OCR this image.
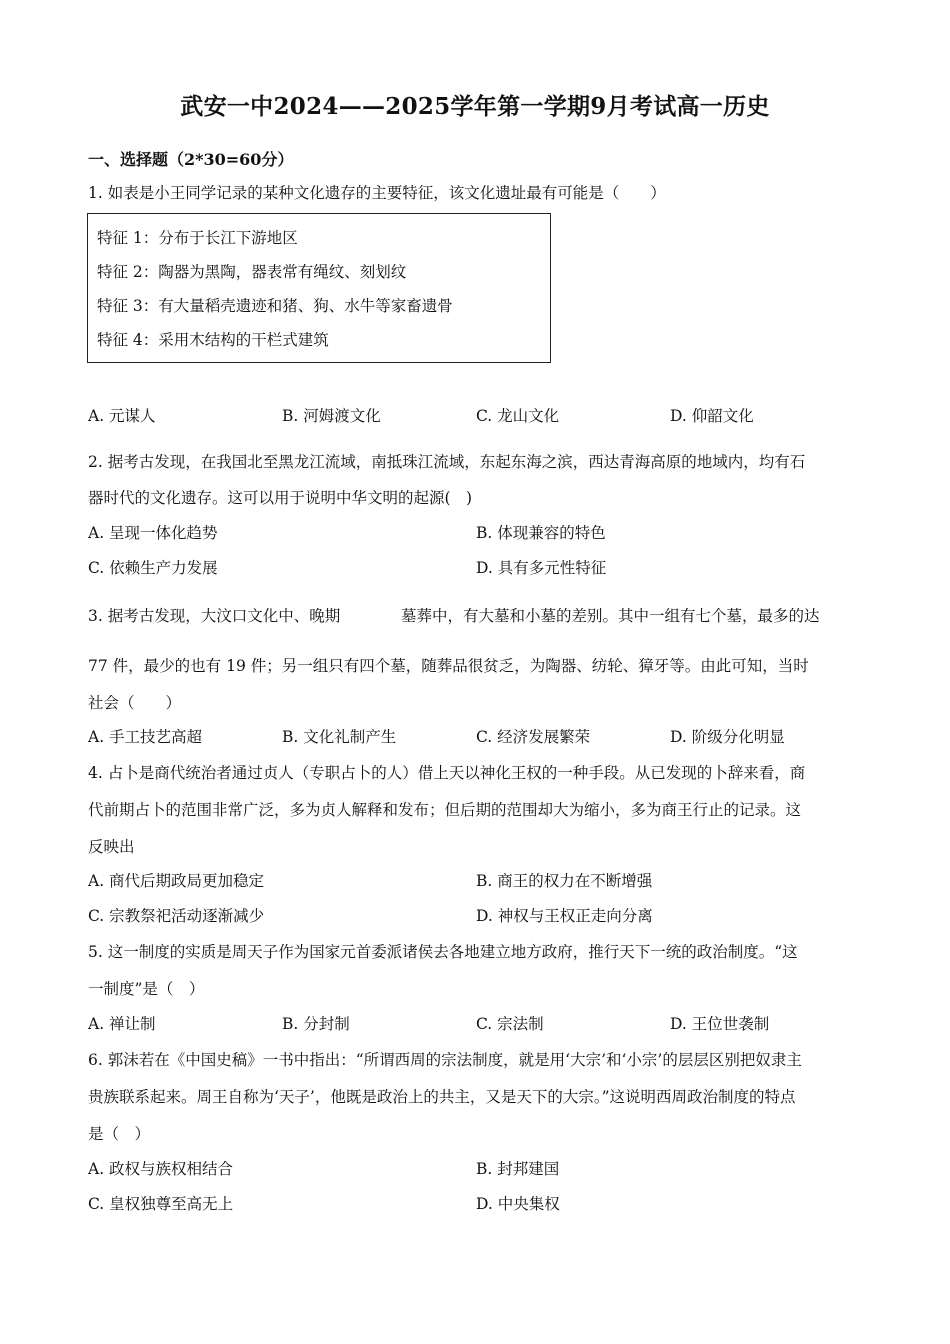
武安一中2024——2025学年第一学期9月考试高一历史
一、选择题（2*30=60分）
1. 如表是小王同学记录的某种文化遗存的主要特征，该文化遗址最有可能是（　　）
特征 1：分布于长江下游地区
特征 2：陶器为黑陶，器表常有绳纹、刻划纹
特征 3：有大量稻壳遗迹和猪、狗、水牛等家畜遗骨
特征 4：采用木结构的干栏式建筑
A. 元谋人	B. 河姆渡文化	C. 龙山文化	D. 仰韶文化
2. 据考古发现，在我国北至黑龙江流域，南抵珠江流域，东起东海之滨，西达青海高原的地域内，均有石
器时代的文化遗存。这可以用于说明中华文明的起源(　)
A. 呈现一体化趋势	B. 体现兼容的特色
C. 依赖生产力发展	D. 具有多元性特征
3. 据考古发现，大汶口文化中、晚期	墓葬中，有大墓和小墓的差别。其中一组有七个墓，最多的达
77 件，最少的也有 19 件；另一组只有四个墓，随葬品很贫乏，为陶器、纺轮、獐牙等。由此可知，当时
社会（　　）
A. 手工技艺高超	B. 文化礼制产生	C. 经济发展繁荣	D. 阶级分化明显
4. 占卜是商代统治者通过贞人（专职占卜的人）借上天以神化王权的一种手段。从已发现的卜辞来看，商
代前期占卜的范围非常广泛，多为贞人解释和发布；但后期的范围却大为缩小，多为商王行止的记录。这
反映出
A. 商代后期政局更加稳定	B. 商王的权力在不断增强
C. 宗教祭祀活动逐渐减少	D. 神权与王权正走向分离
5. 这一制度的实质是周天子作为国家元首委派诸侯去各地建立地方政府，推行天下一统的政治制度。“这
一制度”是（　）
A. 禅让制	B. 分封制	C. 宗法制	D. 王位世袭制
6. 郭沫若在《中国史稿》一书中指出：“所谓西周的宗法制度，就是用‘大宗’和‘小宗’的层层区别把奴隶主
贵族联系起来。周王自称为‘天子’，他既是政治上的共主，又是天下的大宗。”这说明西周政治制度的特点
是（　）
A. 政权与族权相结合	B. 封邦建国
C. 皇权独尊至高无上	D. 中央集权
